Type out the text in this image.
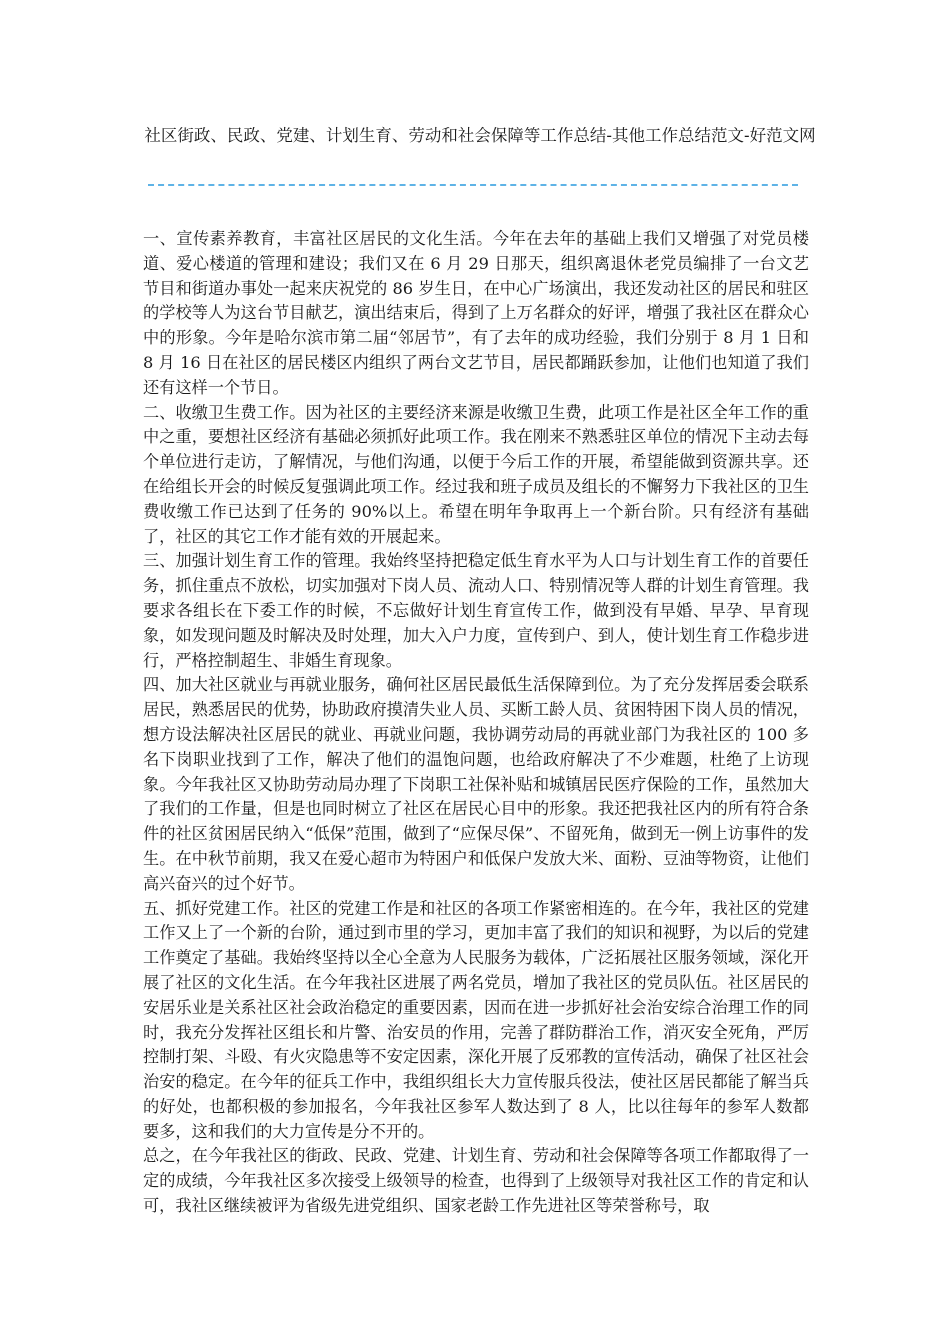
社区街政、民政、党建、计划生育、劳动和社会保障等工作总结-其他工作总结范文-好范文网

一、宣传素养教育，丰富社区居民的文化生活。今年在去年的基础上我们又增强了对党员楼道、爱心楼道的管理和建设；我们又在 6 月 29 日那天，组织离退休老党员编排了一台文艺节目和街道办事处一起来庆祝党的 86 岁生日，在中心广场演出，我还发动社区的居民和驻区的学校等人为这台节目献艺，演出结束后，得到了上万名群众的好评，增强了我社区在群众心中的形象。今年是哈尔滨市第二届“邻居节”，有了去年的成功经验，我们分别于 8 月 1 日和 8 月 16 日在社区的居民楼区内组织了两台文艺节目，居民都踊跃参加，让他们也知道了我们还有这样一个节日。

二、收缴卫生费工作。因为社区的主要经济来源是收缴卫生费，此项工作是社区全年工作的重中之重，要想社区经济有基础必须抓好此项工作。我在刚来不熟悉驻区单位的情况下主动去每个单位进行走访，了解情况，与他们沟通，以便于今后工作的开展，希望能做到资源共享。还在给组长开会的时候反复强调此项工作。经过我和班子成员及组长的不懈努力下我社区的卫生费收缴工作已达到了任务的 90%以上。希望在明年争取再上一个新台阶。只有经济有基础了，社区的其它工作才能有效的开展起来。

三、加强计划生育工作的管理。我始终坚持把稳定低生育水平为人口与计划生育工作的首要任务，抓住重点不放松，切实加强对下岗人员、流动人口、特别情况等人群的计划生育管理。我要求各组长在下委工作的时候，不忘做好计划生育宣传工作，做到没有早婚、早孕、早育现象，如发现问题及时解决及时处理，加大入户力度，宣传到户、到人，使计划生育工作稳步进行，严格控制超生、非婚生育现象。

四、加大社区就业与再就业服务，确何社区居民最低生活保障到位。为了充分发挥居委会联系居民，熟悉居民的优势，协助政府摸清失业人员、买断工龄人员、贫困特困下岗人员的情况，想方设法解决社区居民的就业、再就业问题，我协调劳动局的再就业部门为我社区的 100 多名下岗职业找到了工作，解决了他们的温饱问题，也给政府解决了不少难题，杜绝了上访现象。今年我社区又协助劳动局办理了下岗职工社保补贴和城镇居民医疗保险的工作，虽然加大了我们的工作量，但是也同时树立了社区在居民心目中的形象。我还把我社区内的所有符合条件的社区贫困居民纳入“低保”范围，做到了“应保尽保”、不留死角，做到无一例上访事件的发生。在中秋节前期，我又在爱心超市为特困户和低保户发放大米、面粉、豆油等物资，让他们高兴奋兴的过个好节。

五、抓好党建工作。社区的党建工作是和社区的各项工作紧密相连的。在今年，我社区的党建工作又上了一个新的台阶，通过到市里的学习，更加丰富了我们的知识和视野，为以后的党建工作奠定了基础。我始终坚持以全心全意为人民服务为载体，广泛拓展社区服务领域，深化开展了社区的文化生活。在今年我社区进展了两名党员，增加了我社区的党员队伍。社区居民的安居乐业是关系社区社会政治稳定的重要因素，因而在进一步抓好社会治安综合治理工作的同时，我充分发挥社区组长和片警、治安员的作用，完善了群防群治工作，消灭安全死角，严厉控制打架、斗殴、有火灾隐患等不安定因素，深化开展了反邪教的宣传活动，确保了社区社会治安的稳定。在今年的征兵工作中，我组织组长大力宣传服兵役法，使社区居民都能了解当兵的好处，也都积极的参加报名，今年我社区参军人数达到了 8 人，比以往每年的参军人数都要多，这和我们的大力宣传是分不开的。

总之，在今年我社区的街政、民政、党建、计划生育、劳动和社会保障等各项工作都取得了一定的成绩，今年我社区多次接受上级领导的检查，也得到了上级领导对我社区工作的肯定和认可，我社区继续被评为省级先进党组织、国家老龄工作先进社区等荣誉称号，取
